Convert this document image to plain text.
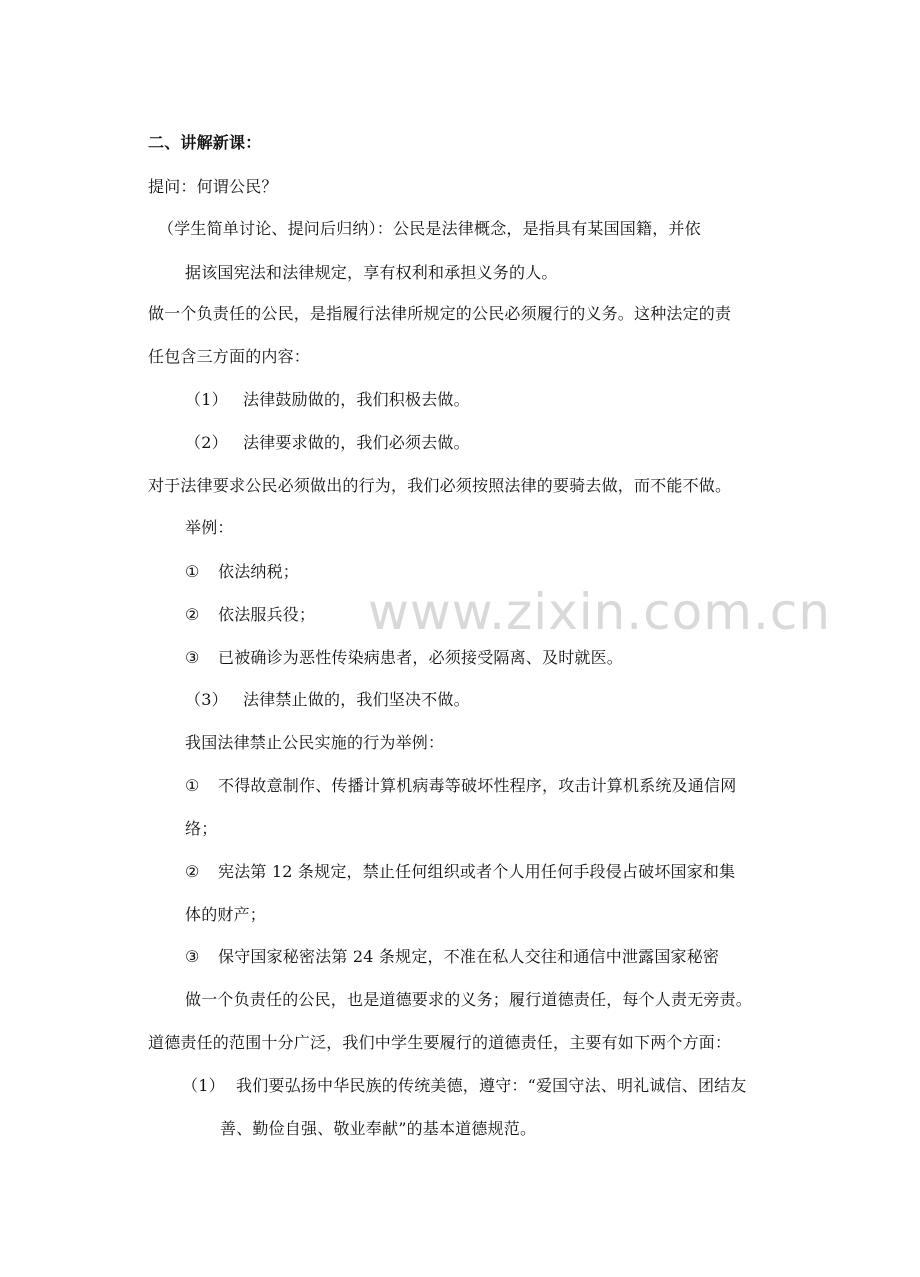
www.zixin.com.cn
二、讲解新课：
提问：何谓公民？
（学生简单讨论、提问后归纳）：公民是法律概念，是指具有某国国籍，并依
据该国宪法和法律规定，享有权利和承担义务的人。
做一个负责任的公民，是指履行法律所规定的公民必须履行的义务。这种法定的责
任包含三方面的内容：
（1） 法律鼓励做的，我们积极去做。
（2） 法律要求做的，我们必须去做。
对于法律要求公民必须做出的行为，我们必须按照法律的要骑去做，而不能不做。
举例：
① 依法纳税；
② 依法服兵役；
③ 已被确诊为恶性传染病患者，必须接受隔离、及时就医。
（3） 法律禁止做的，我们坚决不做。
我国法律禁止公民实施的行为举例：
① 不得故意制作、传播计算机病毒等破坏性程序，攻击计算机系统及通信网
络；
② 宪法第 12 条规定，禁止任何组织或者个人用任何手段侵占破坏国家和集
体的财产；
③ 保守国家秘密法第 24 条规定，不准在私人交往和通信中泄露国家秘密
做一个负责任的公民，也是道德要求的义务；履行道德责任，每个人责无旁责。
道德责任的范围十分广泛，我们中学生要履行的道德责任，主要有如下两个方面：
（1） 我们要弘扬中华民族的传统美德，遵守：“爱国守法、明礼诚信、团结友
善、勤俭自强、敬业奉献”的基本道德规范。
